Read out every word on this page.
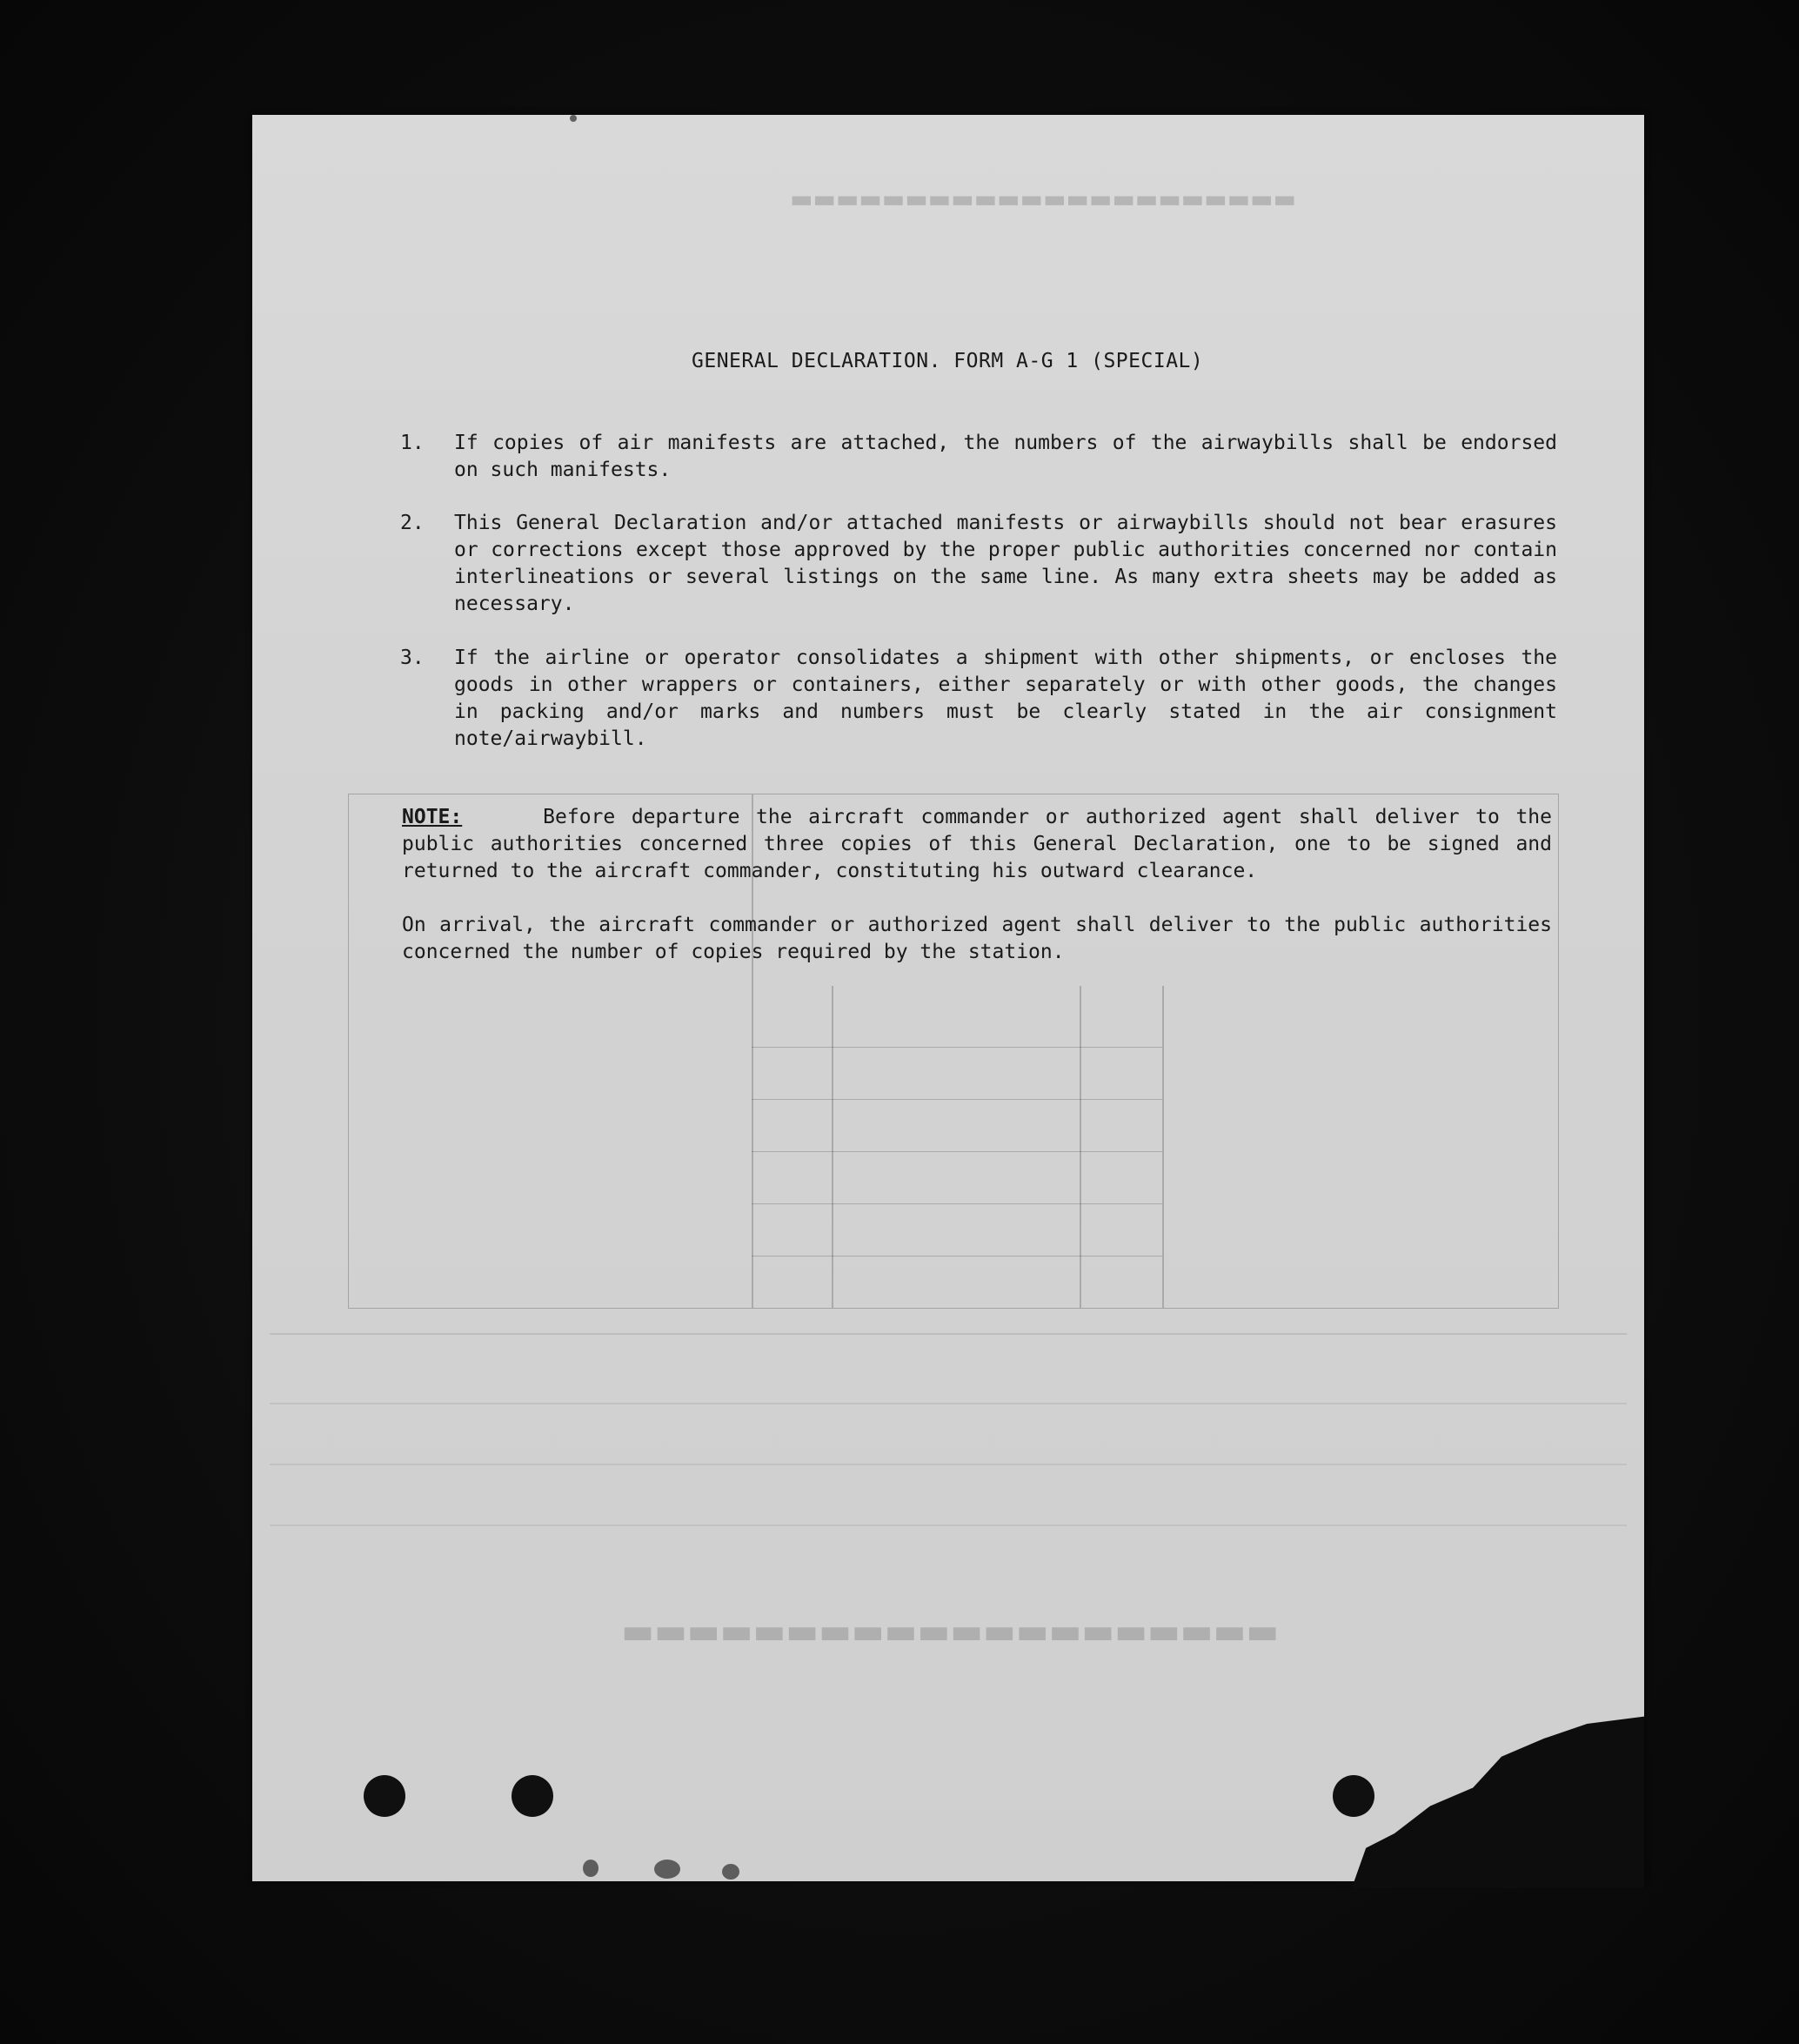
▬▬▬▬▬▬▬▬▬▬▬▬▬▬▬▬▬▬▬▬
▬▬▬▬▬▬▬▬▬▬▬▬▬▬▬▬▬▬▬▬▬▬
GENERAL DECLARATION. FORM A-G 1 (SPECIAL)
1. If copies of air manifests are attached, the numbers of the airwaybills shall be endorsed on such manifests.
2. This General Declaration and/or attached manifests or airwaybills should not bear erasures or corrections except those approved by the proper public authorities concerned nor contain interlineations or several listings on the same line. As many extra sheets may be added as necessary.
3. If the airline or operator consolidates a shipment with other shipments, or encloses the goods in other wrappers or containers, either separately or with other goods, the changes in packing and/or marks and numbers must be clearly stated in the air consignment note/airwaybill.

NOTE:	Before departure the aircraft commander or authorized agent shall deliver to the public authorities concerned three copies of this General Declaration, one to be signed and returned to the aircraft commander, constituting his outward clearance.

On arrival, the aircraft commander or authorized agent shall deliver to the public authorities concerned the number of copies required by the station.
